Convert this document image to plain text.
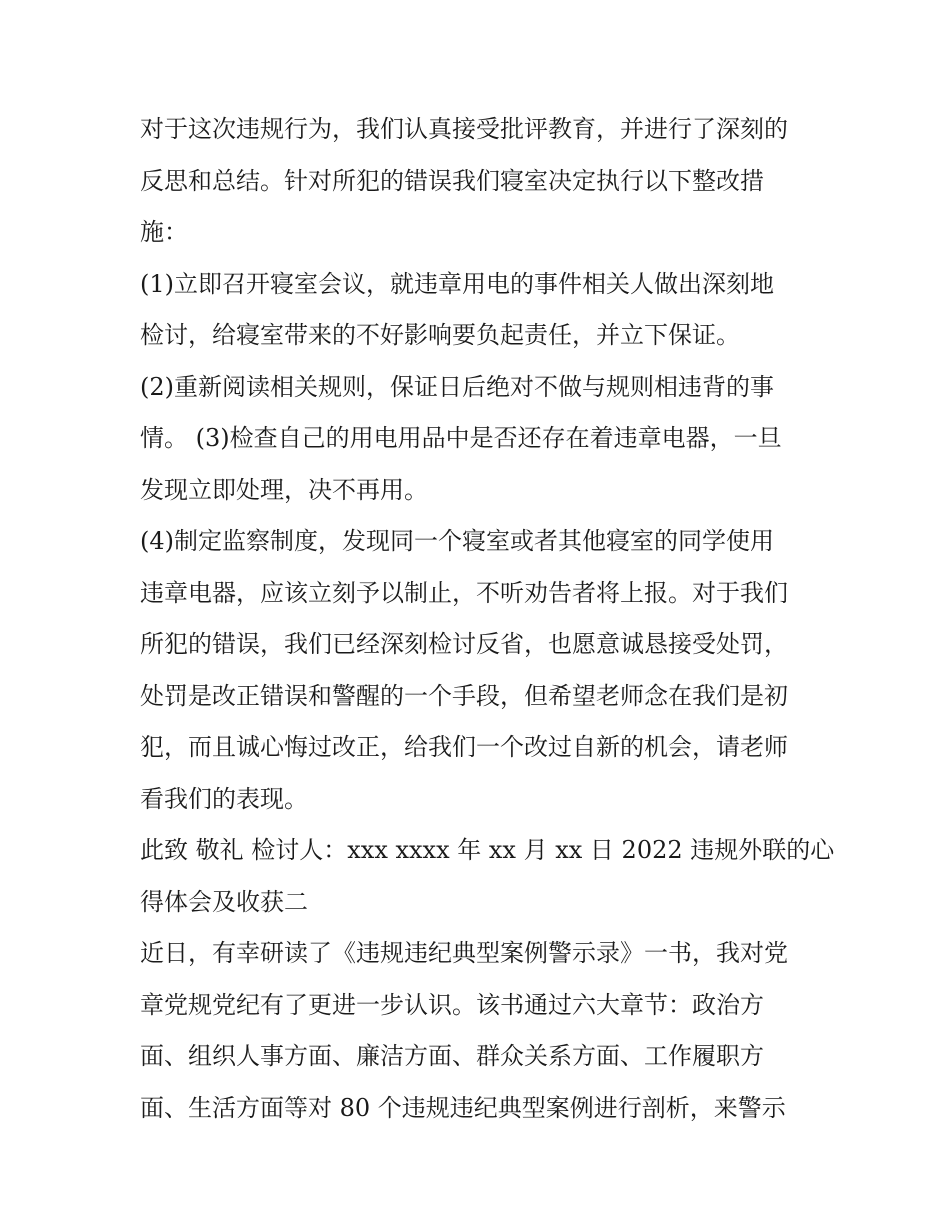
对于这次违规行为，我们认真接受批评教育，并进行了深刻的
反思和总结。针对所犯的错误我们寝室决定执行以下整改措
施：
(1)立即召开寝室会议，就违章用电的事件相关人做出深刻地
检讨，给寝室带来的不好影响要负起责任，并立下保证。
(2)重新阅读相关规则，保证日后绝对不做与规则相违背的事
情。 (3)检查自己的用电用品中是否还存在着违章电器，一旦
发现立即处理，决不再用。
(4)制定监察制度，发现同一个寝室或者其他寝室的同学使用
违章电器，应该立刻予以制止，不听劝告者将上报。对于我们
所犯的错误，我们已经深刻检讨反省，也愿意诚恳接受处罚，
处罚是改正错误和警醒的一个手段，但希望老师念在我们是初
犯，而且诚心悔过改正，给我们一个改过自新的机会，请老师
看我们的表现。
此致 敬礼 检讨人：xxx xxxx 年 xx 月 xx 日 2022 违规外联的心
得体会及收获二
近日，有幸研读了《违规违纪典型案例警示录》一书，我对党
章党规党纪有了更进一步认识。该书通过六大章节：政治方
面、组织人事方面、廉洁方面、群众关系方面、工作履职方
面、生活方面等对 80 个违规违纪典型案例进行剖析，来警示
